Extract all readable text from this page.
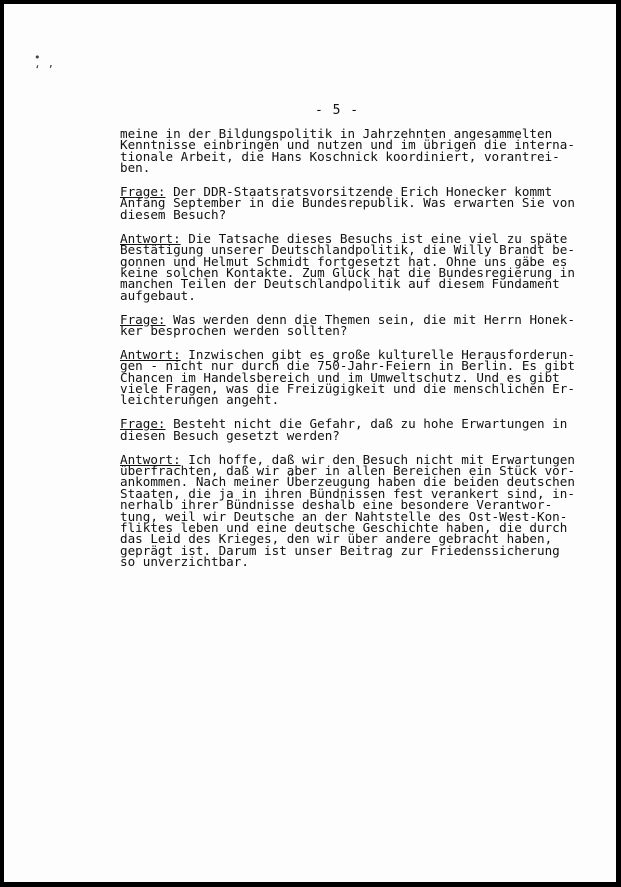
•
‘ ’
- 5 -
meine in der Bildungspolitik in Jahrzehnten angesammelten
Kenntnisse einbringen und nutzen und im übrigen die interna-
tionale Arbeit, die Hans Koschnick koordiniert, vorantrei-
ben.
Frage: Der DDR-Staatsratsvorsitzende Erich Honecker kommt
Anfang September in die Bundesrepublik. Was erwarten Sie von
diesem Besuch?
Antwort: Die Tatsache dieses Besuchs ist eine viel zu späte
Bestätigung unserer Deutschlandpolitik, die Willy Brandt be-
gonnen und Helmut Schmidt fortgesetzt hat. Ohne uns gäbe es
keine solchen Kontakte. Zum Glück hat die Bundesregierung in
manchen Teilen der Deutschlandpolitik auf diesem Fundament
aufgebaut.
Frage: Was werden denn die Themen sein, die mit Herrn Honek-
ker besprochen werden sollten?
Antwort: Inzwischen gibt es große kulturelle Herausforderun-
gen - nicht nur durch die 750-Jahr-Feiern in Berlin. Es gibt
Chancen im Handelsbereich und im Umweltschutz. Und es gibt
viele Fragen, was die Freizügigkeit und die menschlichen Er-
leichterungen angeht.
Frage: Besteht nicht die Gefahr, daß zu hohe Erwartungen in
diesen Besuch gesetzt werden?
Antwort: Ich hoffe, daß wir den Besuch nicht mit Erwartungen
überfrachten, daß wir aber in allen Bereichen ein Stück vor-
ankommen. Nach meiner Überzeugung haben die beiden deutschen
Staaten, die ja in ihren Bündnissen fest verankert sind, in-
nerhalb ihrer Bündnisse deshalb eine besondere Verantwor-
tung, weil wir Deutsche an der Nahtstelle des Ost-West-Kon-
fliktes leben und eine deutsche Geschichte haben, die durch
das Leid des Krieges, den wir über andere gebracht haben,
geprägt ist. Darum ist unser Beitrag zur Friedenssicherung
so unverzichtbar.
